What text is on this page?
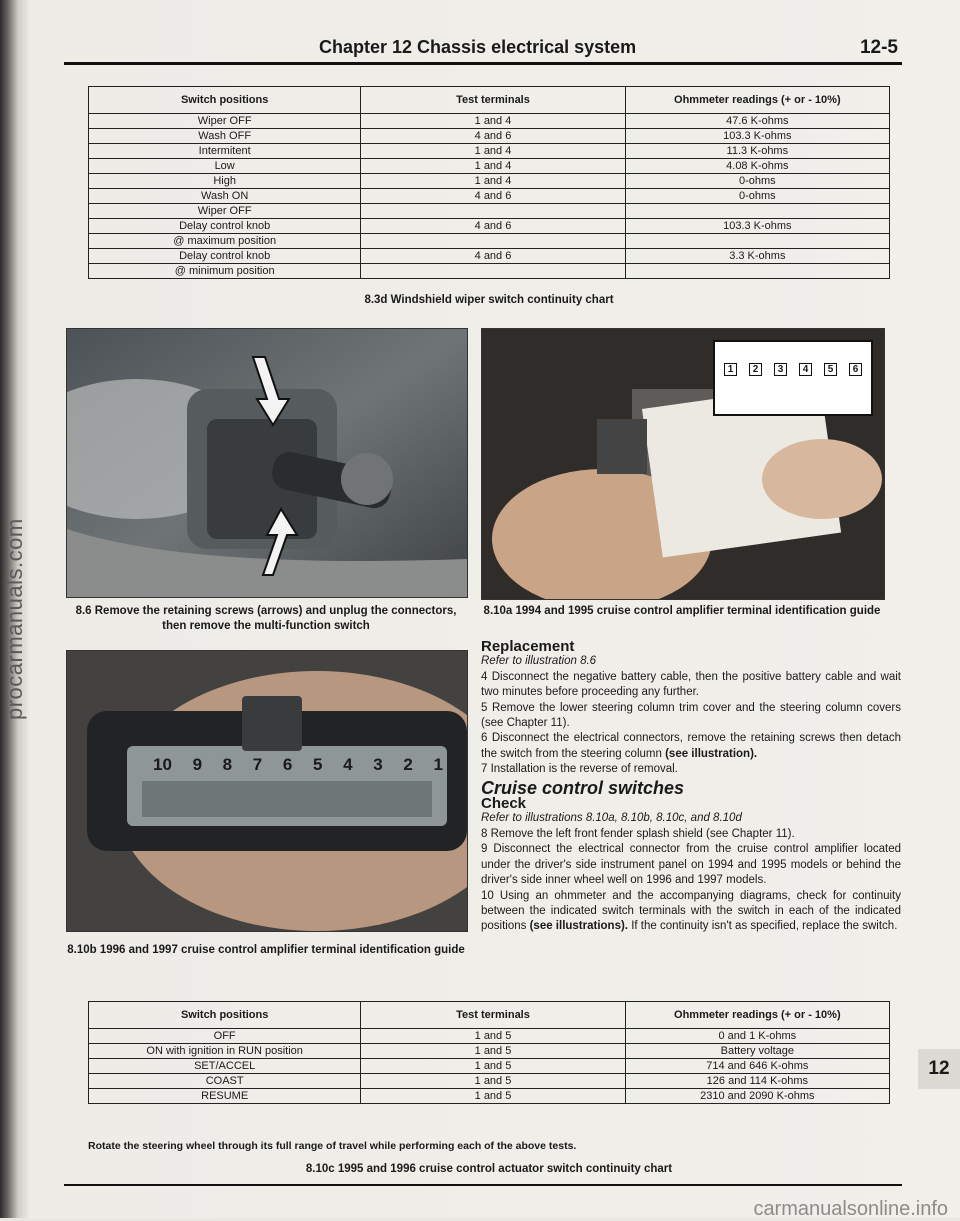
procarmanuals.com
Chapter 12 Chassis electrical system	12-5
Switch positions	Test terminals	Ohmmeter readings (+ or - 10%)
Wiper OFF	1 and 4	47.6 K-ohms
Wash OFF	4 and 6	103.3 K-ohms
Intermitent	1 and 4	11.3 K-ohms
Low	1 and 4	4.08 K-ohms
High	1 and 4	0-ohms
Wash ON	4 and 6	0-ohms
Wiper OFF		
Delay control knob	4 and 6	103.3 K-ohms
@ maximum position		
Delay control knob	4 and 6	3.3 K-ohms
@ minimum position		
8.3d Windshield wiper switch continuity chart
8.6 Remove the retaining screws (arrows) and unplug the connectors, then remove the multi-function switch
1	2	3	4	5	6
8.10a 1994 and 1995 cruise control amplifier terminal identification guide
10 9 8 7 6 5 4 3 2 1
8.10b 1996 and 1997 cruise control amplifier terminal identification guide
Replacement

Refer to illustration 8.6

4 Disconnect the negative battery cable, then the positive battery cable and wait two minutes before proceeding any further.

5 Remove the lower steering column trim cover and the steering column covers (see Chapter 11).

6 Disconnect the electrical connectors, remove the retaining screws then detach the switch from the steering column (see illustration).

7 Installation is the reverse of removal.

Cruise control switches
Check

Refer to illustrations 8.10a, 8.10b, 8.10c, and 8.10d

8 Remove the left front fender splash shield (see Chapter 11).

9 Disconnect the electrical connector from the cruise control amplifier located under the driver's side instrument panel on 1994 and 1995 models or behind the driver's side inner wheel well on 1996 and 1997 models.

10 Using an ohmmeter and the accompanying diagrams, check for continuity between the indicated switch terminals with the switch in each of the indicated positions (see illustrations). If the continuity isn't as specified, replace the switch.

Switch positions	Test terminals	Ohmmeter readings (+ or - 10%)
OFF	1 and 5	0 and 1 K-ohms
ON with ignition in RUN position	1 and 5	Battery voltage
SET/ACCEL	1 and 5	714 and 646 K-ohms
COAST	1 and 5	126 and 114 K-ohms
RESUME	1 and 5	2310 and 2090 K-ohms
Rotate the steering wheel through its full range of travel while performing each of the above tests.
8.10c 1995 and 1996 cruise control actuator switch continuity chart
12
carmanualsonline.info
